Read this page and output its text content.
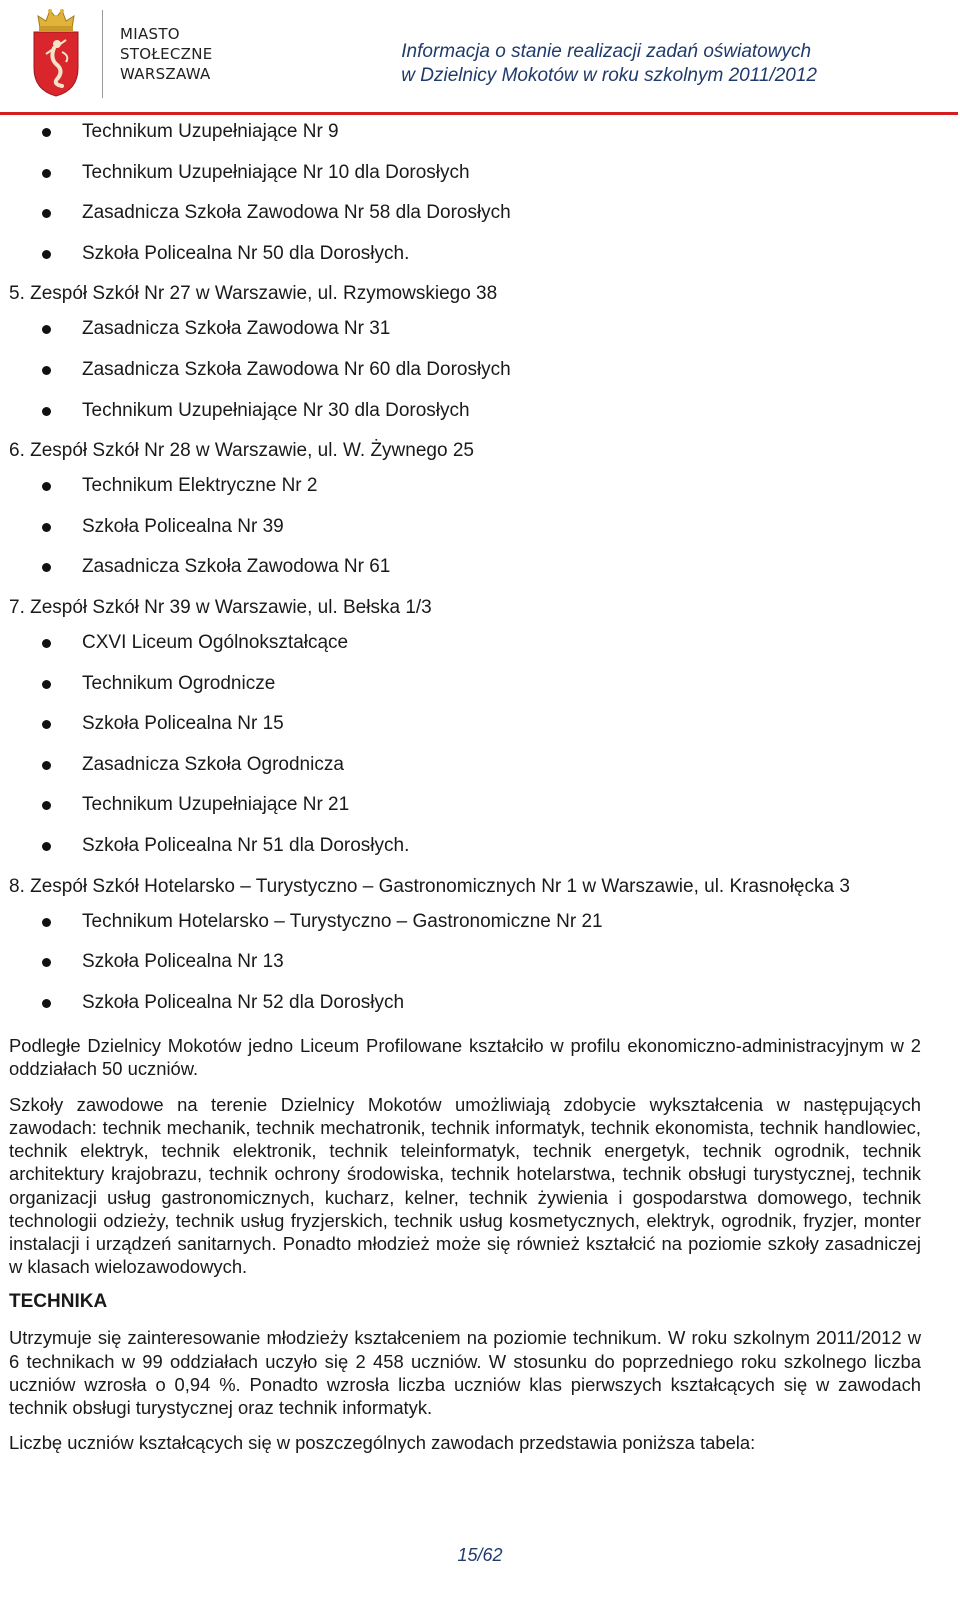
MIASTO
STOŁECZNE
WARSZAWA
Informacja o stanie realizacji zadań oświatowych
w Dzielnicy Mokotów w roku szkolnym 2011/2012
Technikum Uzupełniające Nr 9
Technikum Uzupełniające Nr 10 dla Dorosłych
Zasadnicza Szkoła Zawodowa Nr 58 dla Dorosłych
Szkoła Policealna Nr 50 dla Dorosłych.
5. Zespół Szkół Nr 27 w Warszawie, ul. Rzymowskiego 38
Zasadnicza Szkoła Zawodowa Nr 31
Zasadnicza Szkoła Zawodowa Nr 60 dla Dorosłych
Technikum Uzupełniające Nr 30 dla Dorosłych
6. Zespół Szkół Nr 28 w Warszawie, ul. W. Żywnego 25
Technikum Elektryczne Nr 2
Szkoła Policealna Nr 39
Zasadnicza Szkoła Zawodowa Nr 61
7. Zespół Szkół Nr 39 w Warszawie, ul. Bełska 1/3
CXVI Liceum Ogólnokształcące
Technikum Ogrodnicze
Szkoła Policealna Nr 15
Zasadnicza Szkoła Ogrodnicza
Technikum Uzupełniające Nr 21
Szkoła Policealna Nr 51 dla Dorosłych.
8. Zespół Szkół Hotelarsko – Turystyczno – Gastronomicznych Nr 1 w Warszawie, ul. Krasnołęcka 3
Technikum Hotelarsko – Turystyczno – Gastronomiczne Nr 21
Szkoła Policealna Nr 13
Szkoła Policealna Nr 52 dla Dorosłych

Podległe Dzielnicy Mokotów jedno Liceum Profilowane kształciło w profilu ekonomiczno-administracyjnym w 2 oddziałach 50 uczniów.

Szkoły zawodowe na terenie Dzielnicy Mokotów umożliwiają zdobycie wykształcenia w następujących zawodach: technik mechanik, technik mechatronik, technik informatyk, technik ekonomista, technik handlowiec, technik elektryk, technik elektronik, technik teleinformatyk, technik energetyk, technik ogrodnik, technik architektury krajobrazu, technik ochrony środowiska, technik hotelarstwa, technik obsługi turystycznej, technik organizacji usług gastronomicznych, kucharz, kelner, technik żywienia i gospodarstwa domowego, technik technologii odzieży, technik usług fryzjerskich, technik usług kosmetycznych, elektryk, ogrodnik, fryzjer, monter instalacji i urządzeń sanitarnych. Ponadto młodzież może się również kształcić na poziomie szkoły zasadniczej w klasach wielozawodowych.

TECHNIKA

Utrzymuje się zainteresowanie młodzieży kształceniem na poziomie technikum. W roku szkolnym 2011/2012 w 6 technikach w 99 oddziałach uczyło się 2 458 uczniów. W stosunku do poprzedniego roku szkolnego liczba uczniów wzrosła o 0,94 %. Ponadto wzrosła liczba uczniów klas pierwszych kształcących się w zawodach technik obsługi turystycznej oraz technik informatyk.

Liczbę uczniów kształcących się w poszczególnych zawodach przedstawia poniższa tabela:

15/62
